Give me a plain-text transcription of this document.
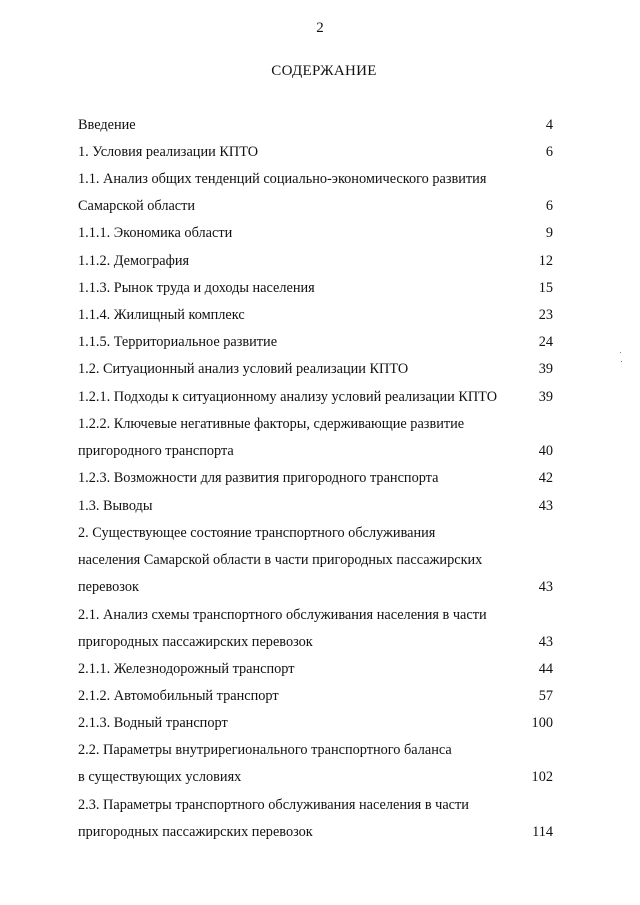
2
СОДЕРЖАНИЕ
Введение	4
1. Условия реализации КПТО	6
1.1. Анализ общих тенденций социально-экономического развития
Самарской области	6
1.1.1. Экономика области	9
1.1.2. Демография	12
1.1.3. Рынок труда и доходы населения	15
1.1.4. Жилищный комплекс	23
1.1.5. Территориальное развитие	24
1.2. Ситуационный анализ условий реализации КПТО	39
1.2.1. Подходы к ситуационному анализу условий реализации КПТО	39
1.2.2. Ключевые негативные факторы, сдерживающие развитие
пригородного транспорта	40
1.2.3. Возможности для развития пригородного транспорта	42
1.3. Выводы	43
2. Существующее состояние транспортного обслуживания
населения Самарской области в части пригородных пассажирских
перевозок	43
2.1. Анализ схемы транспортного обслуживания населения в части
пригородных пассажирских перевозок	43
2.1.1. Железнодорожный транспорт	44
2.1.2. Автомобильный транспорт	57
2.1.3. Водный транспорт	100
2.2. Параметры внутрирегионального транспортного баланса
в существующих условиях	102
2.3. Параметры транспортного обслуживания населения в части
пригородных пассажирских перевозок	114
